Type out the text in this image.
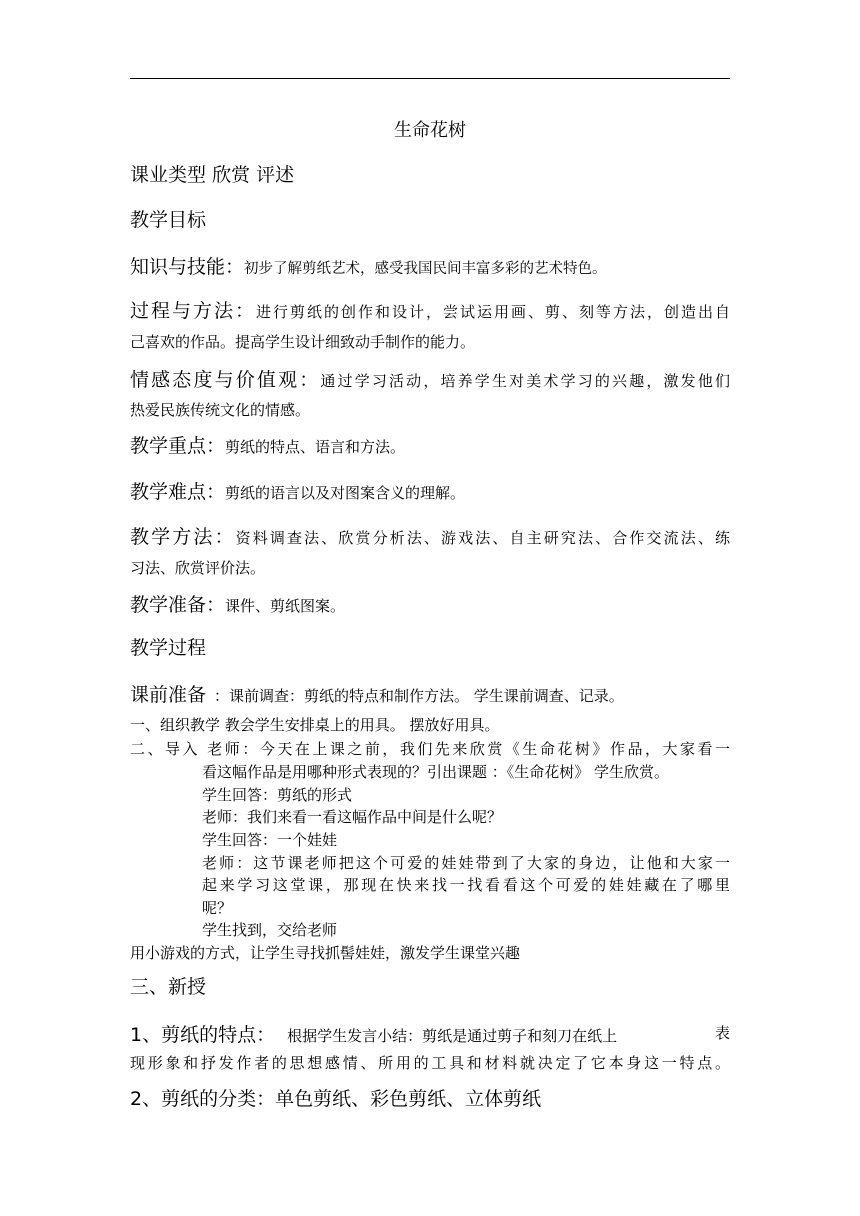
生命花树
课业类型 欣赏 评述
教学目标
知识与技能：初步了解剪纸艺术，感受我国民间丰富多彩的艺术特色。
过程与方法：进行剪纸的创作和设计，尝试运用画、剪、刻等方法，创造出自
己喜欢的作品。提高学生设计细致动手制作的能力。
情感态度与价值观：通过学习活动，培养学生对美术学习的兴趣，激发他们
热爱民族传统文化的情感。
教学重点：剪纸的特点、语言和方法。
教学难点：剪纸的语言以及对图案含义的理解。
教学方法：资料调查法、欣赏分析法、游戏法、自主研究法、合作交流法、练
习法、欣赏评价法。
教学准备：课件、剪纸图案。
教学过程
课前准备 ：课前调查：剪纸的特点和制作方法。 学生课前调查、记录。
一、组织教学 教会学生安排桌上的用具。 摆放好用具。
二、导入 老师：今天在上课之前，我们先来欣赏《生命花树》作品，大家看一
看这幅作品是用哪种形式表现的？引出课题 ：《生命花树》 学生欣赏。
学生回答：剪纸的形式
老师：我们来看一看这幅作品中间是什么呢？
学生回答：一个娃娃
老师：这节课老师把这个可爱的娃娃带到了大家的身边，让他和大家一
起来学习这堂课，那现在快来找一找看看这个可爱的娃娃藏在了哪里
呢？
学生找到，交给老师
用小游戏的方式，让学生寻找抓髻娃娃，激发学生课堂兴趣
三、新授
1、剪纸的特点： 根据学生发言小结：剪纸是通过剪子和刻刀在纸上	表
现形象和抒发作者的思想感情、所用的工具和材料就决定了它本身这一特点。
2、剪纸的分类：单色剪纸、彩色剪纸、立体剪纸
